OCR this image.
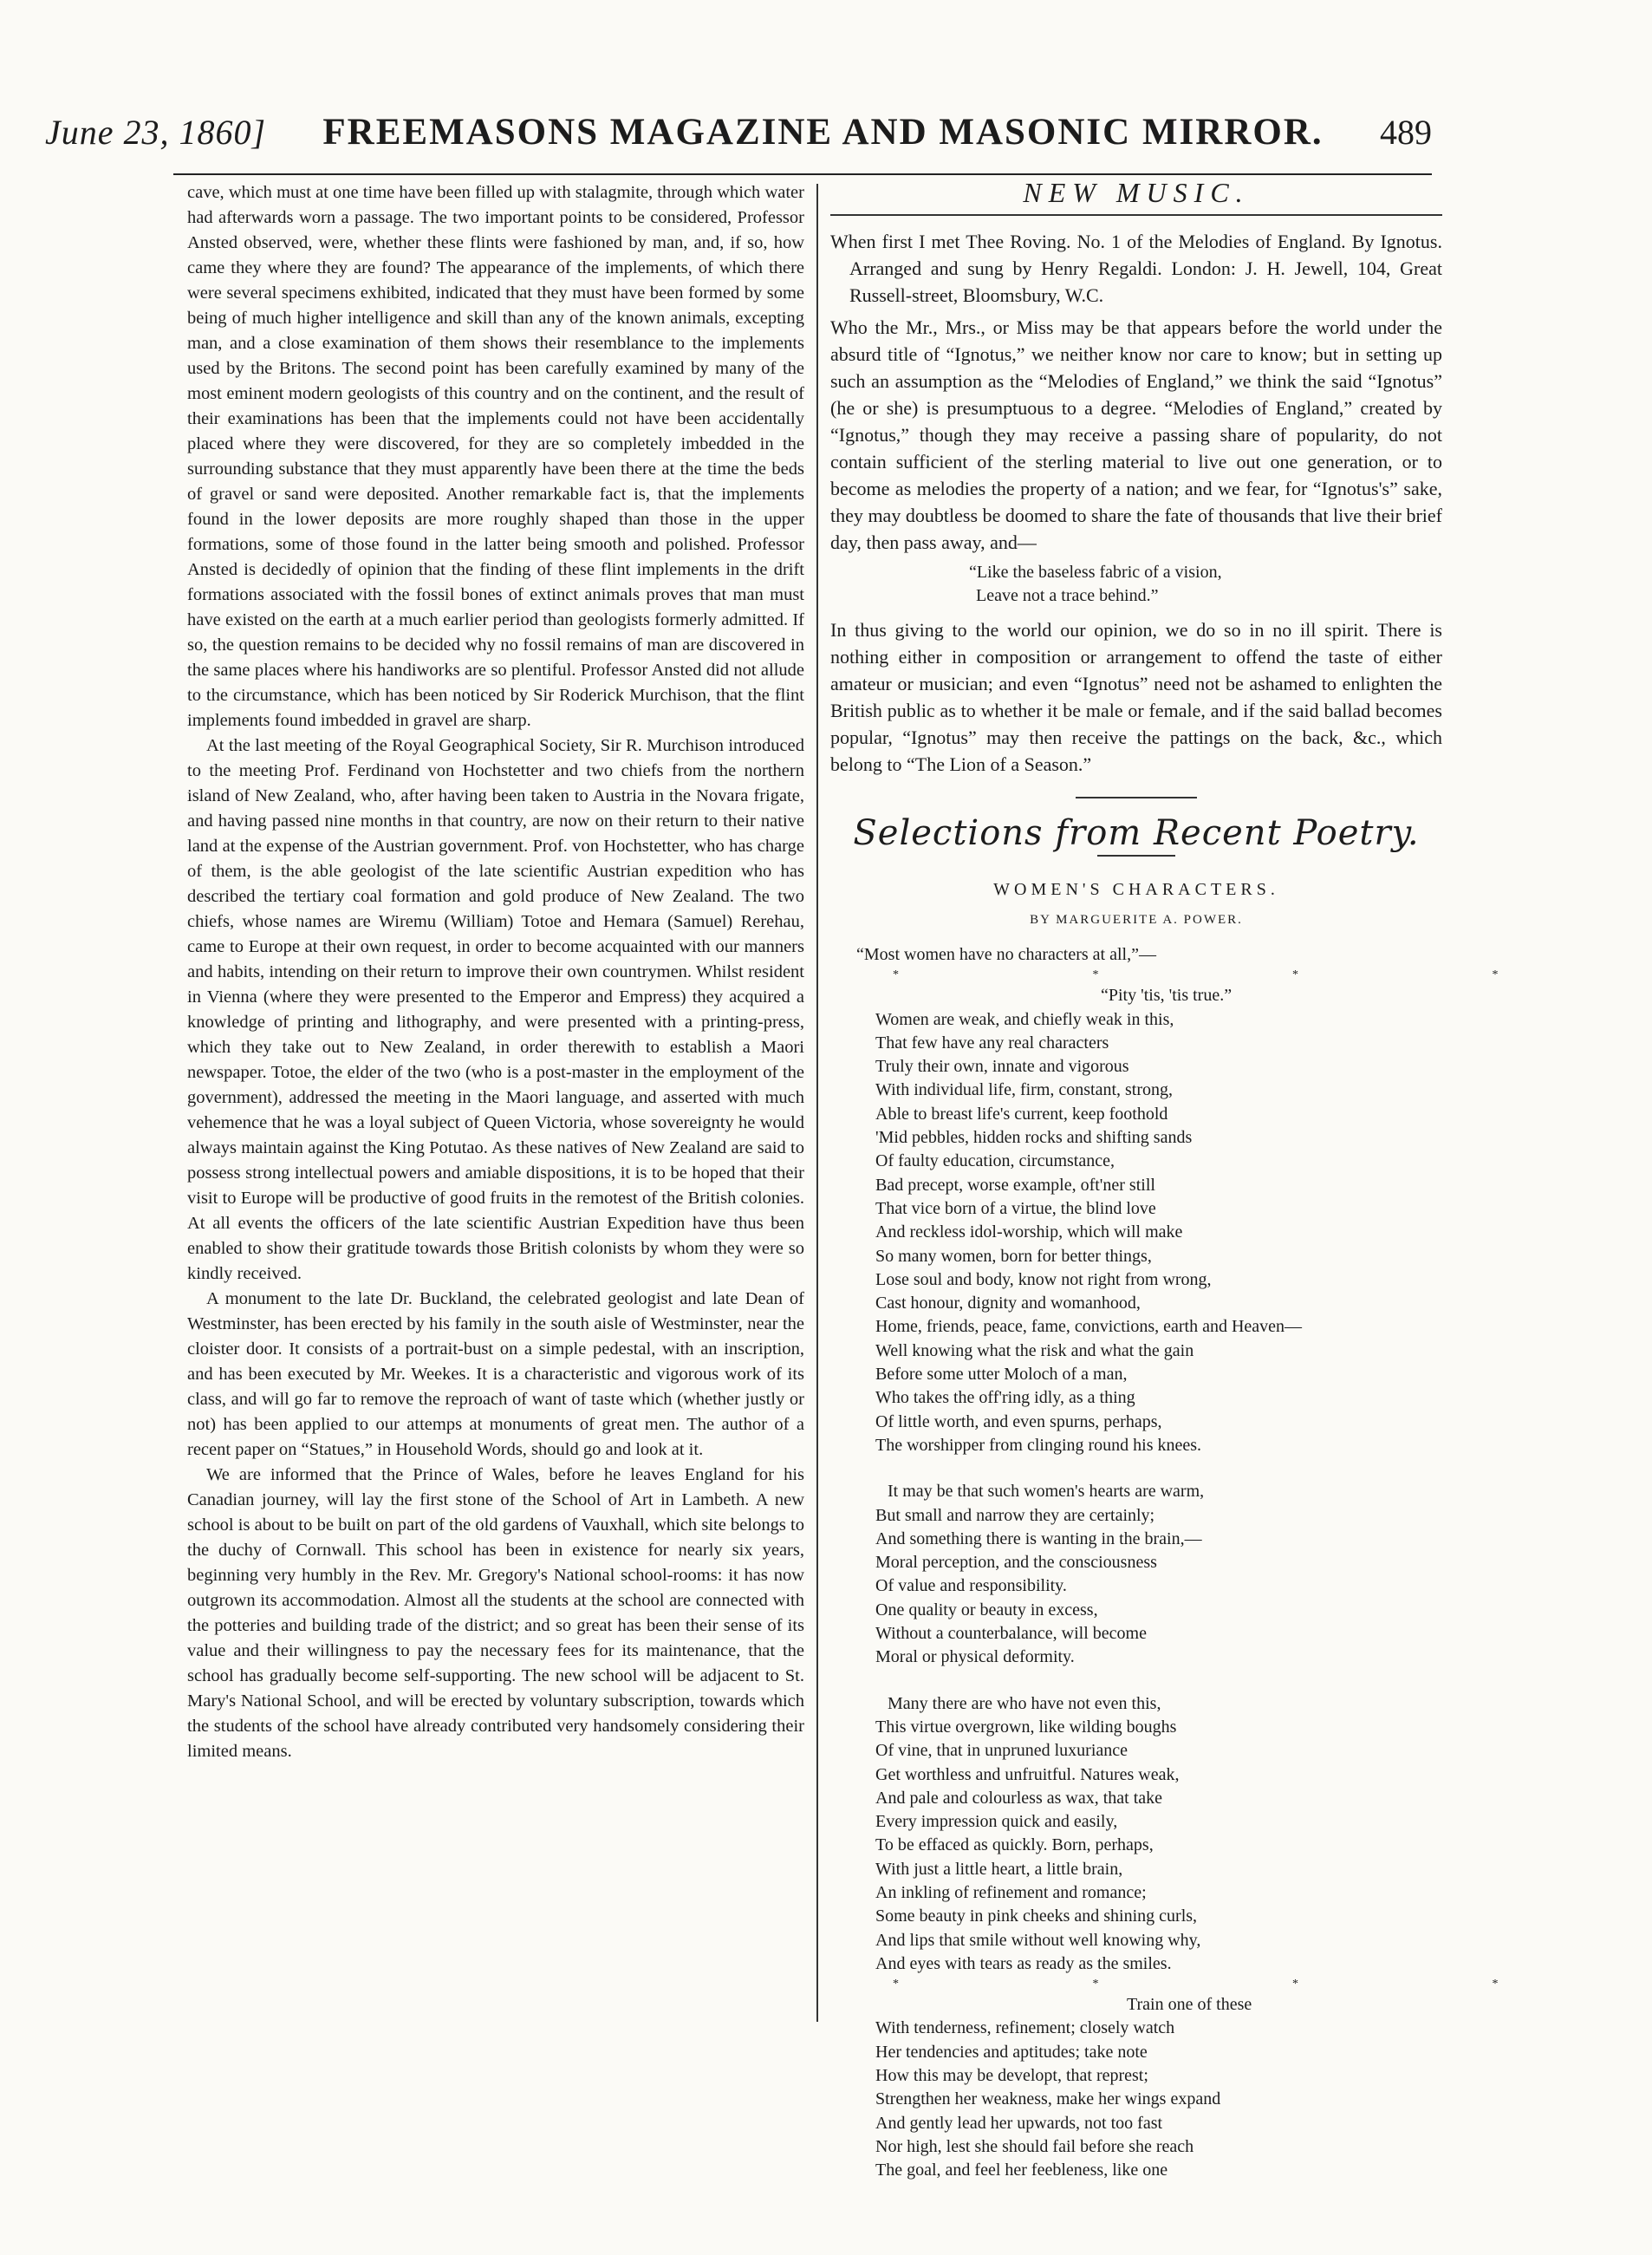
June 23, 1860] FREEMASONS MAGAZINE AND MASONIC MIRROR. 489

cave, which must at one time have been filled up with stalagmite, through which water had afterwards worn a passage. The two important points to be considered, Professor Ansted observed, were, whether these flints were fashioned by man, and, if so, how came they where they are found? The appearance of the implements, of which there were several specimens exhibited, indicated that they must have been formed by some being of much higher intelligence and skill than any of the known animals, excepting man, and a close examination of them shows their resemblance to the implements used by the Britons. The second point has been carefully examined by many of the most eminent modern geologists of this country and on the continent, and the result of their examinations has been that the implements could not have been accidentally placed where they were discovered, for they are so completely imbedded in the surrounding substance that they must apparently have been there at the time the beds of gravel or sand were deposited. Another remarkable fact is, that the implements found in the lower deposits are more roughly shaped than those in the upper formations, some of those found in the latter being smooth and polished. Professor Ansted is decidedly of opinion that the finding of these flint implements in the drift formations associated with the fossil bones of extinct animals proves that man must have existed on the earth at a much earlier period than geologists formerly admitted. If so, the question remains to be decided why no fossil remains of man are discovered in the same places where his handiworks are so plentiful. Professor Ansted did not allude to the circumstance, which has been noticed by Sir Roderick Murchison, that the flint implements found imbedded in gravel are sharp.

At the last meeting of the Royal Geographical Society, Sir R. Murchison introduced to the meeting Prof. Ferdinand von Hochstetter and two chiefs from the northern island of New Zealand, who, after having been taken to Austria in the Novara frigate, and having passed nine months in that country, are now on their return to their native land at the expense of the Austrian government. Prof. von Hochstetter, who has charge of them, is the able geologist of the late scientific Austrian expedition who has described the tertiary coal formation and gold produce of New Zealand. The two chiefs, whose names are Wiremu (William) Totoe and Hemara (Samuel) Rerehau, came to Europe at their own request, in order to become acquainted with our manners and habits, intending on their return to improve their own countrymen. Whilst resident in Vienna (where they were presented to the Emperor and Empress) they acquired a knowledge of printing and lithography, and were presented with a printing-press, which they take out to New Zealand, in order therewith to establish a Maori newspaper. Totoe, the elder of the two (who is a post-master in the employment of the government), addressed the meeting in the Maori language, and asserted with much vehemence that he was a loyal subject of Queen Victoria, whose sovereignty he would always maintain against the King Potutao. As these natives of New Zealand are said to possess strong intellectual powers and amiable dispositions, it is to be hoped that their visit to Europe will be productive of good fruits in the remotest of the British colonies. At all events the officers of the late scientific Austrian Expedition have thus been enabled to show their gratitude towards those British colonists by whom they were so kindly received.

A monument to the late Dr. Buckland, the celebrated geologist and late Dean of Westminster, has been erected by his family in the south aisle of Westminster, near the cloister door. It consists of a portrait-bust on a simple pedestal, with an inscription, and has been executed by Mr. Weekes. It is a characteristic and vigorous work of its class, and will go far to remove the reproach of want of taste which (whether justly or not) has been applied to our attemps at monuments of great men. The author of a recent paper on “Statues,” in Household Words, should go and look at it.

We are informed that the Prince of Wales, before he leaves England for his Canadian journey, will lay the first stone of the School of Art in Lambeth. A new school is about to be built on part of the old gardens of Vauxhall, which site belongs to the duchy of Cornwall. This school has been in existence for nearly six years, beginning very humbly in the Rev. Mr. Gregory's National school-rooms: it has now outgrown its accommodation. Almost all the students at the school are connected with the potteries and building trade of the district; and so great has been their sense of its value and their willingness to pay the necessary fees for its maintenance, that the school has gradually become self-supporting. The new school will be adjacent to St. Mary's National School, and will be erected by voluntary subscription, towards which the students of the school have already contributed very handsomely considering their limited means.

NEW MUSIC.
When first I met Thee Roving. No. 1 of the Melodies of England. By Ignotus. Arranged and sung by Henry Regaldi. London: J. H. Jewell, 104, Great Russell-street, Bloomsbury, W.C.

Who the Mr., Mrs., or Miss may be that appears before the world under the absurd title of “Ignotus,” we neither know nor care to know; but in setting up such an assumption as the “Melodies of England,” we think the said “Ignotus” (he or she) is presumptuous to a degree. “Melodies of England,” created by “Ignotus,” though they may receive a passing share of popularity, do not contain sufficient of the sterling material to live out one generation, or to become as melodies the property of a nation; and we fear, for “Ignotus's” sake, they may doubtless be doomed to share the fate of thousands that live their brief day, then pass away, and—

“Like the baseless fabric of a vision,
Leave not a trace behind.”

In thus giving to the world our opinion, we do so in no ill spirit. There is nothing either in composition or arrangement to offend the taste of either amateur or musician; and even “Ignotus” need not be ashamed to enlighten the British public as to whether it be male or female, and if the said ballad becomes popular, “Ignotus” may then receive the pattings on the back, &c., which belong to “The Lion of a Season.”

Selections from Recent Poetry.
WOMEN'S CHARACTERS.
BY MARGUERITE A. POWER.
“Most women have no characters at all,”—
* * * *
“Pity 'tis, 'tis true.”
Women are weak, and chiefly weak in this,
That few have any real characters
Truly their own, innate and vigorous
With individual life, firm, constant, strong,
Able to breast life's current, keep foothold
'Mid pebbles, hidden rocks and shifting sands
Of faulty education, circumstance,
Bad precept, worse example, oft'ner still
That vice born of a virtue, the blind love
And reckless idol-worship, which will make
So many women, born for better things,
Lose soul and body, know not right from wrong,
Cast honour, dignity and womanhood,
Home, friends, peace, fame, convictions, earth and Heaven—
Well knowing what the risk and what the gain
Before some utter Moloch of a man,
Who takes the off'ring idly, as a thing
Of little worth, and even spurns, perhaps,
The worshipper from clinging round his knees.
It may be that such women's hearts are warm,
But small and narrow they are certainly;
And something there is wanting in the brain,—
Moral perception, and the consciousness
Of value and responsibility.
One quality or beauty in excess,
Without a counterbalance, will become
Moral or physical deformity.
Many there are who have not even this,
This virtue overgrown, like wilding boughs
Of vine, that in unpruned luxuriance
Get worthless and unfruitful. Natures weak,
And pale and colourless as wax, that take
Every impression quick and easily,
To be effaced as quickly. Born, perhaps,
With just a little heart, a little brain,
An inkling of refinement and romance;
Some beauty in pink cheeks and shining curls,
And lips that smile without well knowing why,
And eyes with tears as ready as the smiles.
* * * *
Train one of these
With tenderness, refinement; closely watch
Her tendencies and aptitudes; take note
How this may be developt, that represt;
Strengthen her weakness, make her wings expand
And gently lead her upwards, not too fast
Nor high, lest she should fail before she reach
The goal, and feel her feebleness, like one
